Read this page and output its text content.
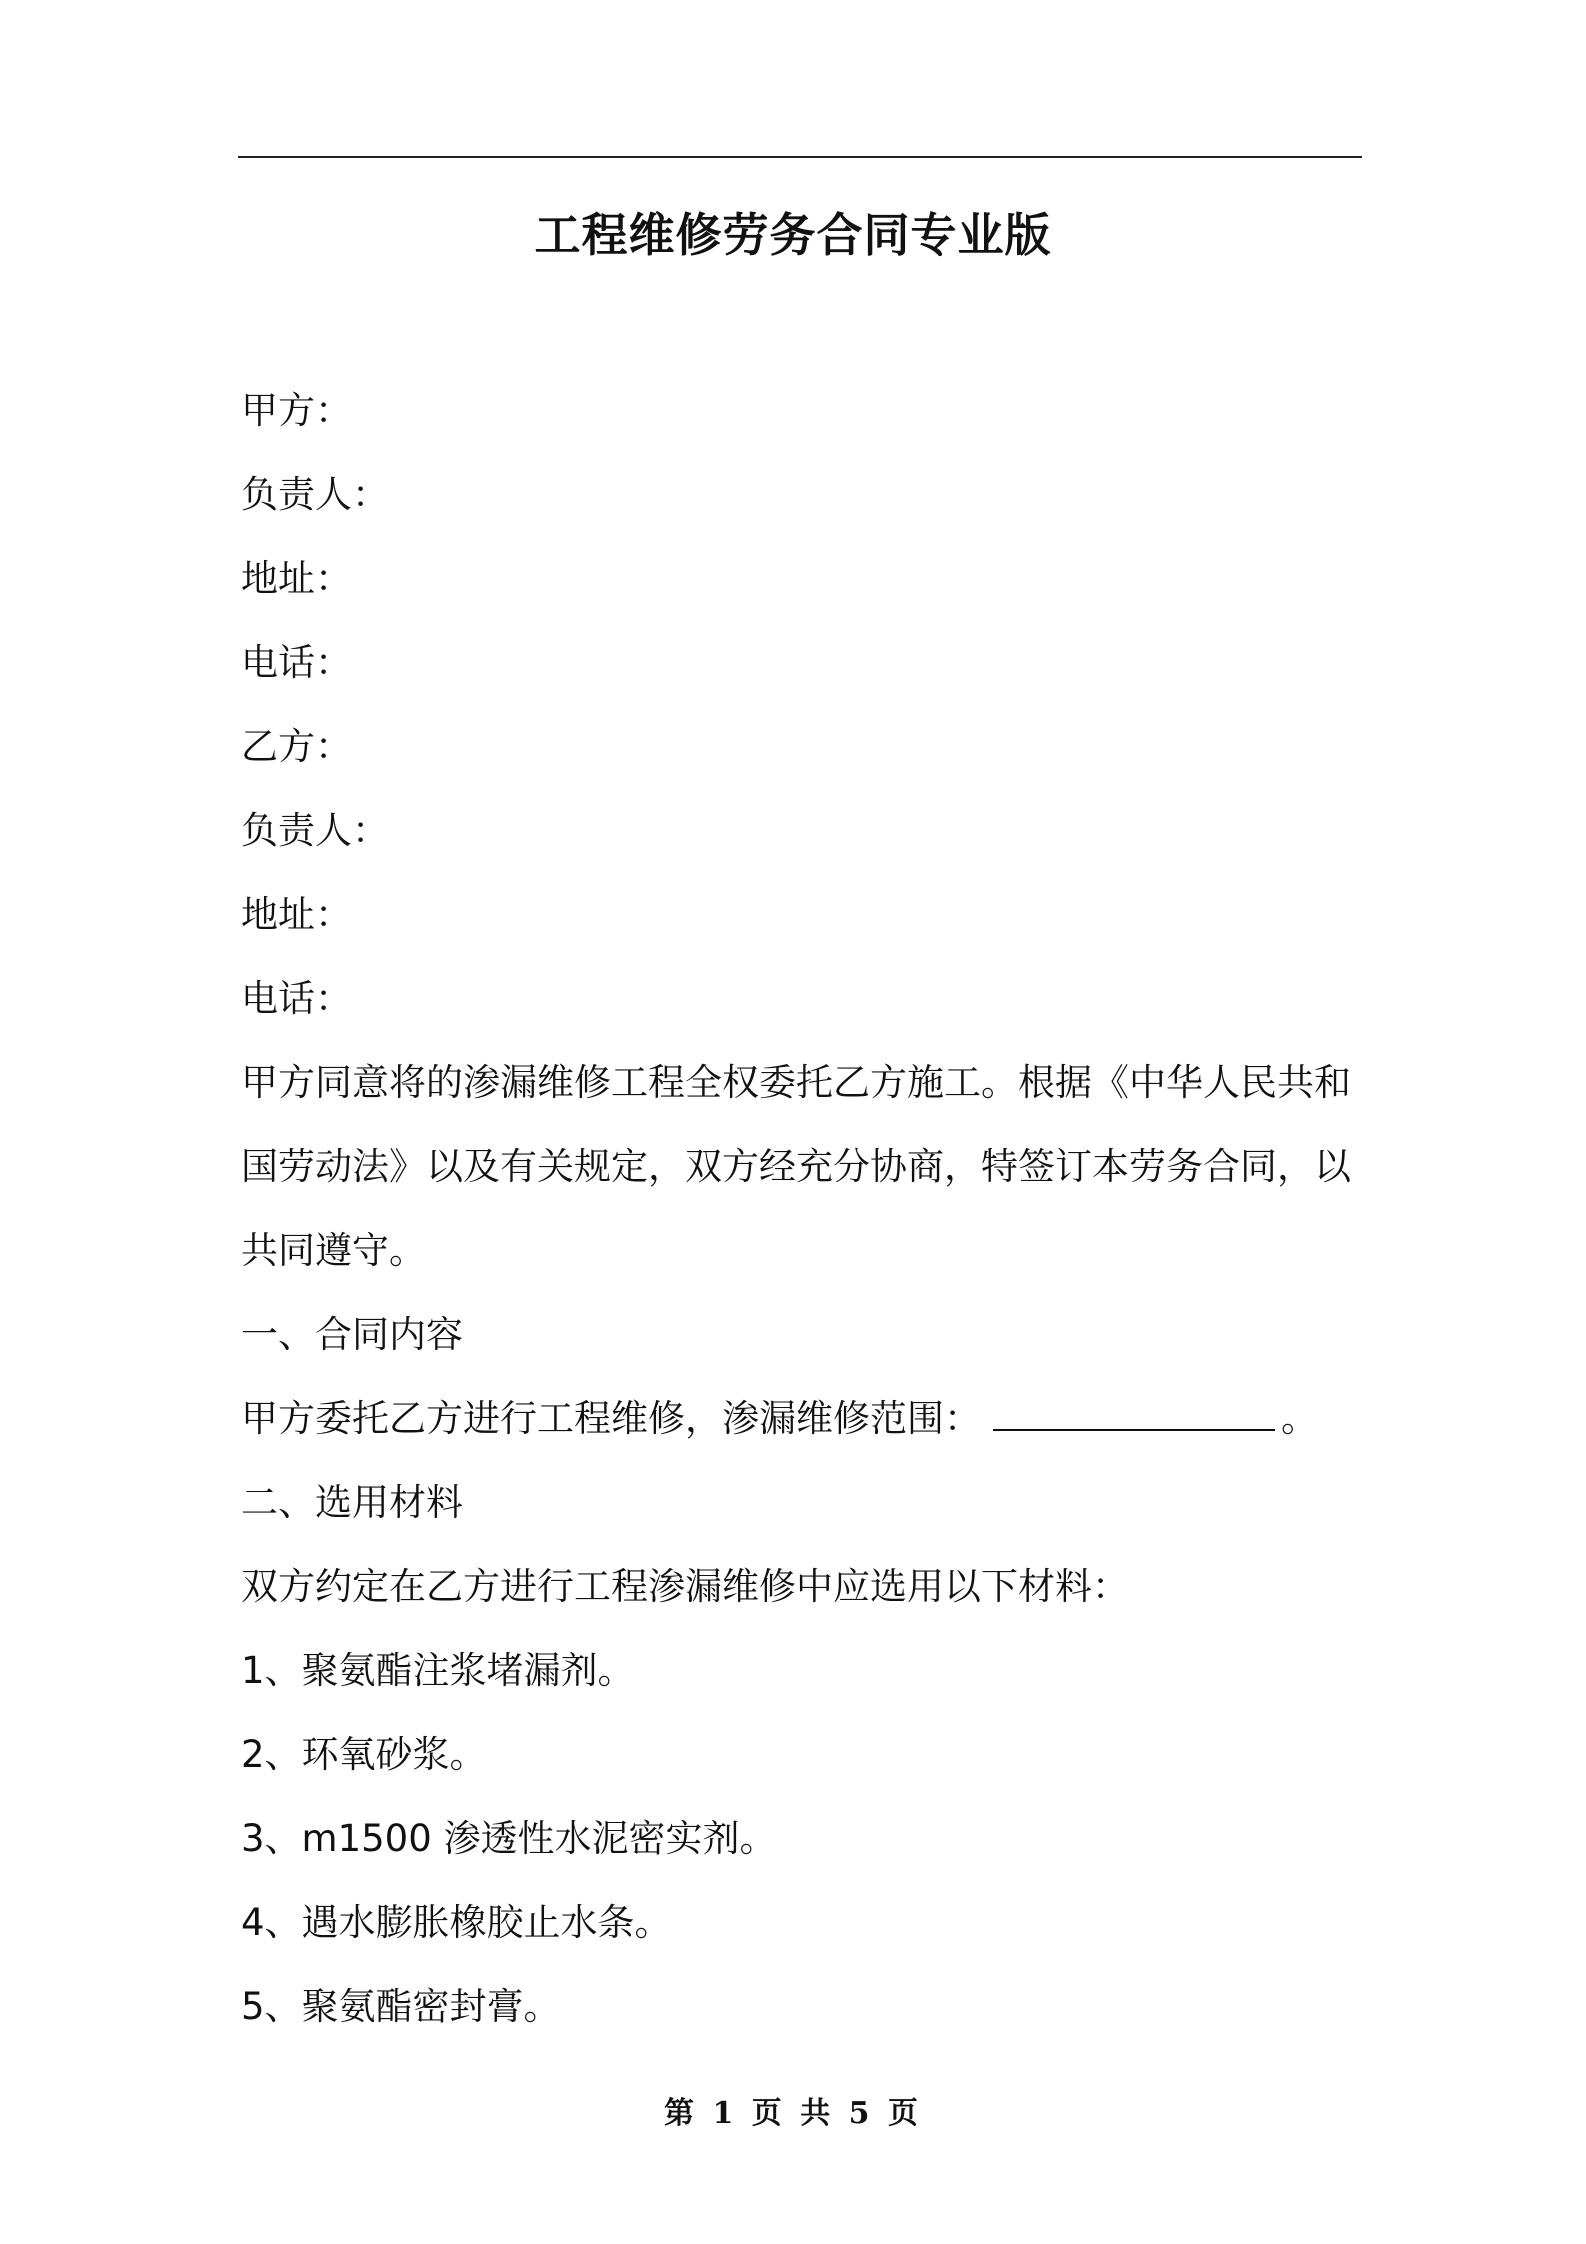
工程维修劳务合同专业版
甲方：
负责人：
地址：
电话：
乙方：
负责人：
地址：
电话：
甲方同意将的渗漏维修工程全权委托乙方施工。根据《中华人民共和
国劳动法》以及有关规定，双方经充分协商，特签订本劳务合同，以
共同遵守。
一、合同内容
甲方委托乙方进行工程维修，渗漏维修范围：	。
二、选用材料
双方约定在乙方进行工程渗漏维修中应选用以下材料：
1、聚氨酯注浆堵漏剂。
2、环氧砂浆。
3、m1500 渗透性水泥密实剂。
4、遇水膨胀橡胶止水条。
5、聚氨酯密封膏。
第 1 页 共 5 页
